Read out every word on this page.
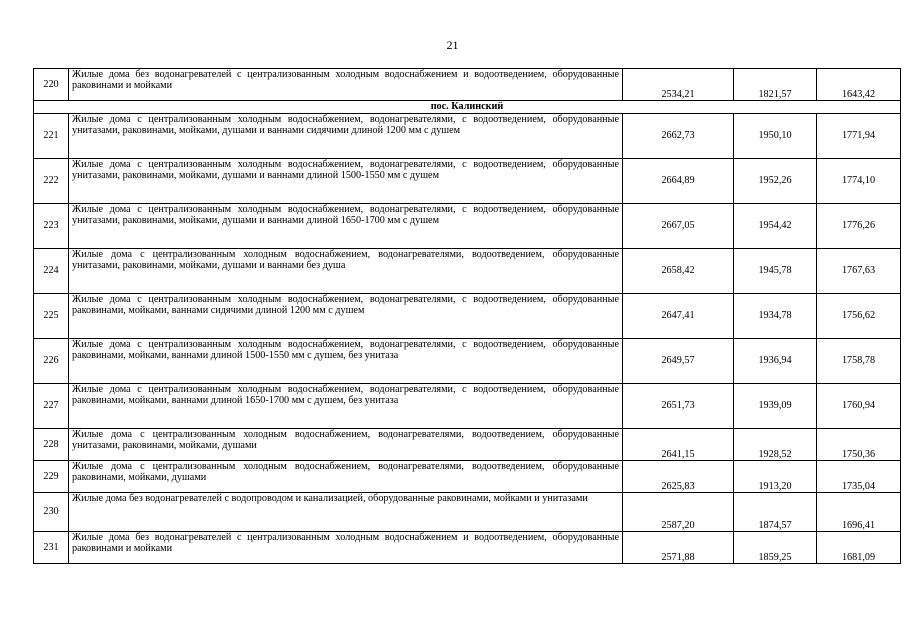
21
220	Жилые дома без водонагревателей с централизованным холодным водоснабжением и водоотведением, оборудованные раковинами и мойками	2534,21	1821,57	1643,42
пос. Калинский				
221	Жилые дома с централизованным холодным водоснабжением, водонагревателями, с водоотведением, оборудованные унитазами, раковинами, мойками, душами и ваннами сидячими длиной 1200 мм с душем	2662,73	1950,10	1771,94
222	Жилые дома с централизованным холодным водоснабжением, водонагревателями, с водоотведением, оборудованные унитазами, раковинами, мойками, душами и ваннами длиной 1500-1550 мм с душем	2664,89	1952,26	1774,10
223	Жилые дома с централизованным холодным водоснабжением, водонагревателями, с водоотведением, оборудованные унитазами, раковинами, мойками, душами и ваннами длиной 1650-1700 мм с душем	2667,05	1954,42	1776,26
224	Жилые дома с централизованным холодным водоснабжением, водонагревателями, водоотведением, оборудованные унитазами, раковинами, мойками, душами и ваннами без душа	2658,42	1945,78	1767,63
225	Жилые дома с централизованным холодным водоснабжением, водонагревателями, с водоотведением, оборудованные раковинами, мойками, ваннами сидячими длиной 1200 мм с душем	2647,41	1934,78	1756,62
226	Жилые дома с централизованным холодным водоснабжением, водонагревателями, с водоотведением, оборудованные раковинами, мойками, ваннами длиной 1500-1550 мм с душем, без унитаза	2649,57	1936,94	1758,78
227	Жилые дома с централизованным холодным водоснабжением, водонагревателями, с водоотведением, оборудованные раковинами, мойками, ваннами длиной 1650-1700 мм с душем, без унитаза	2651,73	1939,09	1760,94
228	Жилые дома с централизованным холодным водоснабжением, водонагревателями, водоотведением, оборудованные унитазами, раковинами, мойками, душами	2641,15	1928,52	1750,36
229	Жилые дома с централизованным холодным водоснабжением, водонагревателями, водоотведением, оборудованные раковинами, мойками, душами	2625,83	1913,20	1735,04
230	Жилые дома без водонагревателей с водопроводом и канализацией, оборудованные раковинами, мойками и унитазами	2587,20	1874,57	1696,41
231	Жилые дома без водонагревателей с централизованным холодным водоснабжением и водоотведением, оборудованные раковинами и мойками	2571,88	1859,25	1681,09
